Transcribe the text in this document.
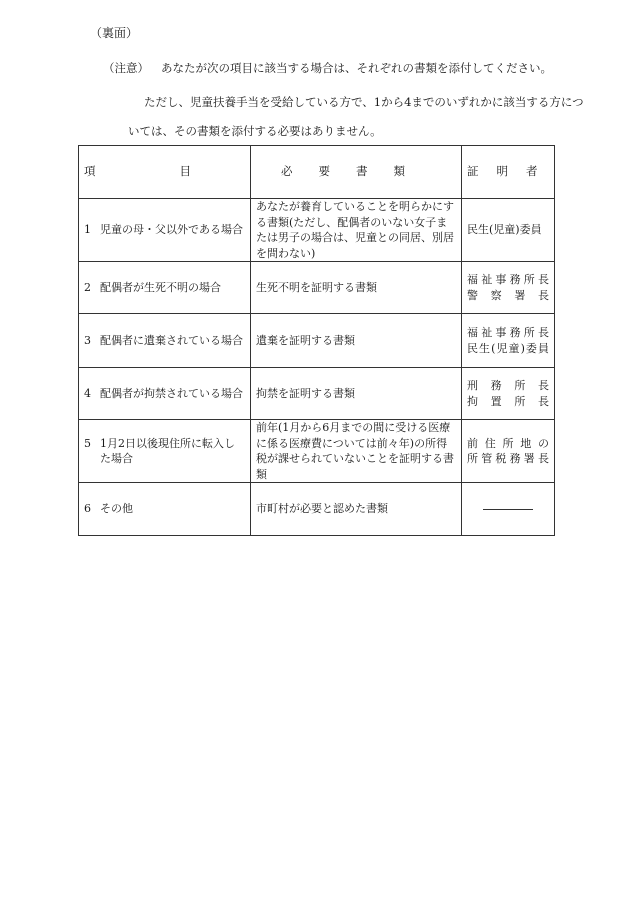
（裏面）
（注意） あなたが次の項目に該当する場合は、それぞれの書類を添付してください。
ただし、児童扶養手当を受給している方で、1から4までのいずれかに該当する方につ
いては、その書類を添付する必要はありません。
項 目	必要書類	証明者

1 児童の母・父以外である場合	あなたが養育していることを明らかにする書類(ただし、配偶者のいない女子または男子の場合は、児童との同居、別居を問わない)	民生(児童)委員

2 配偶者が生死不明の場合	生死不明を証明する書類	福祉事務所長
警察署長

3 配偶者に遺棄されている場合	遺棄を証明する書類	福祉事務所長
民生(児童)委員

4 配偶者が拘禁されている場合	拘禁を証明する書類	刑務所長
拘置所長

5 1月2日以後現住所に転入した場合	前年(1月から6月までの間に受ける医療に係る医療費については前々年)の所得税が課せられていないことを証明する書類	前住所地の
所管税務署長

6 その他	市町村が必要と認めた書類	
